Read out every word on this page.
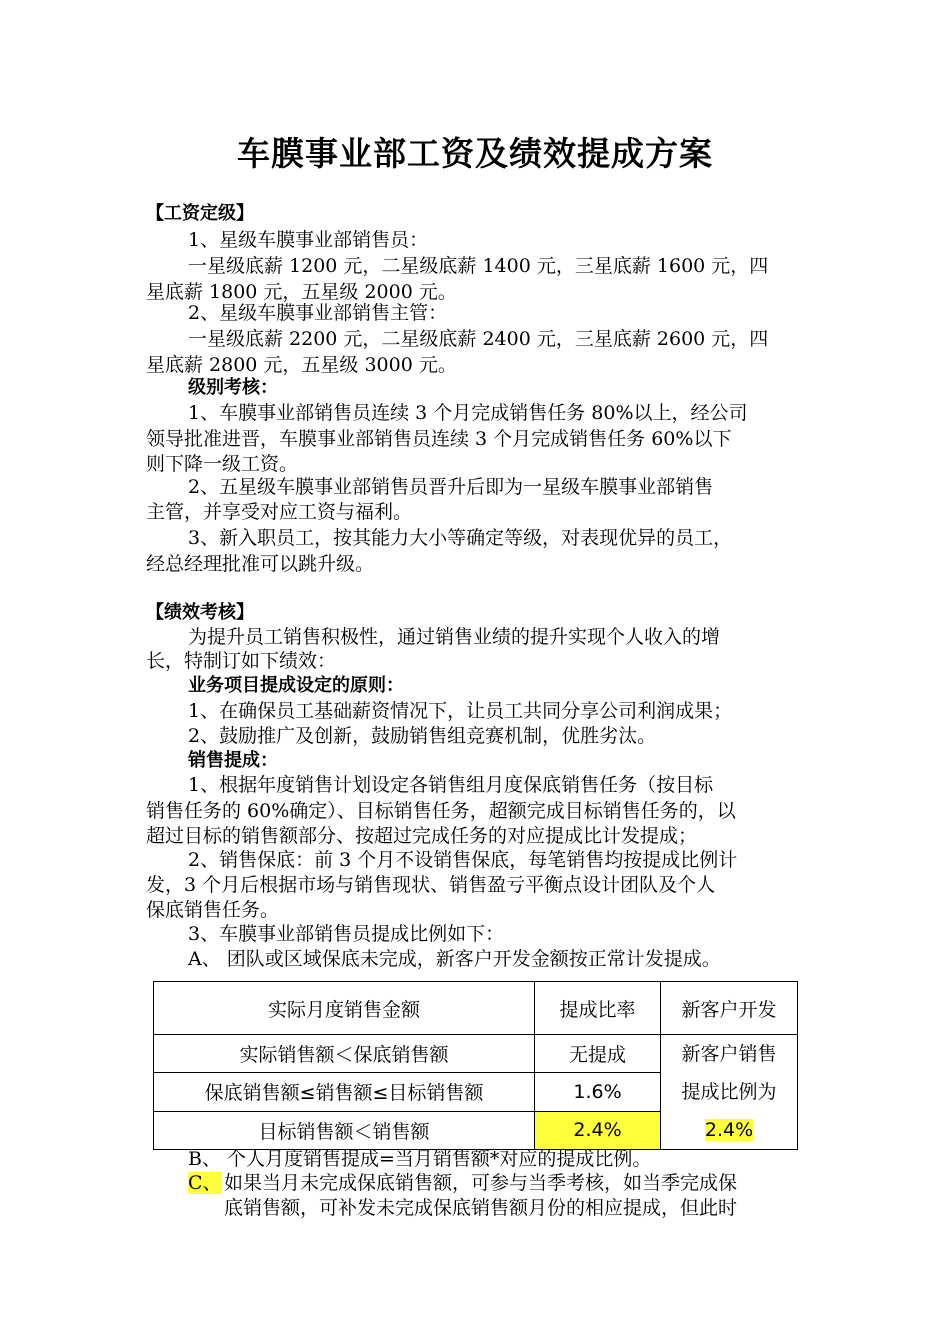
车膜事业部工资及绩效提成方案
【工资定级】
1、星级车膜事业部销售员：
一星级底薪 1200 元，二星级底薪 1400 元，三星底薪 1600 元，四
星底薪 1800 元，五星级 2000 元。
2、星级车膜事业部销售主管：
一星级底薪 2200 元，二星级底薪 2400 元，三星底薪 2600 元，四
星底薪 2800 元，五星级 3000 元。
级别考核：
1、车膜事业部销售员连续 3 个月完成销售任务 80%以上，经公司
领导批准进晋，车膜事业部销售员连续 3 个月完成销售任务 60%以下
则下降一级工资。
2、五星级车膜事业部销售员晋升后即为一星级车膜事业部销售
主管，并享受对应工资与福利。
3、新入职员工，按其能力大小等确定等级，对表现优异的员工，
经总经理批准可以跳升级。
【绩效考核】
为提升员工销售积极性，通过销售业绩的提升实现个人收入的增
长，特制订如下绩效：
业务项目提成设定的原则：
1、在确保员工基础薪资情况下，让员工共同分享公司利润成果；
2、鼓励推广及创新，鼓励销售组竞赛机制，优胜劣汰。
销售提成：
1、根据年度销售计划设定各销售组月度保底销售任务（按目标
销售任务的 60%确定）、目标销售任务，超额完成目标销售任务的，以
超过目标的销售额部分、按超过完成任务的对应提成比计发提成；
2、销售保底：前 3 个月不设销售保底，每笔销售均按提成比例计
发，3 个月后根据市场与销售现状、销售盈亏平衡点设计团队及个人
保底销售任务。
3、车膜事业部销售员提成比例如下：
A、 团队或区域保底未完成，新客户开发金额按正常计发提成。
实际月度销售金额	提成比率	新客户开发
实际销售额＜保底销售额	无提成	新客户销售
提成比例为
2.4%

保底销售额≤销售额≤目标销售额	1.6%	
目标销售额＜销售额	2.4%	
B、 个人月度销售提成=当月销售额*对应的提成比例。
C、 如果当月未完成保底销售额，可参与当季考核，如当季完成保
底销售额，可补发未完成保底销售额月份的相应提成，但此时
